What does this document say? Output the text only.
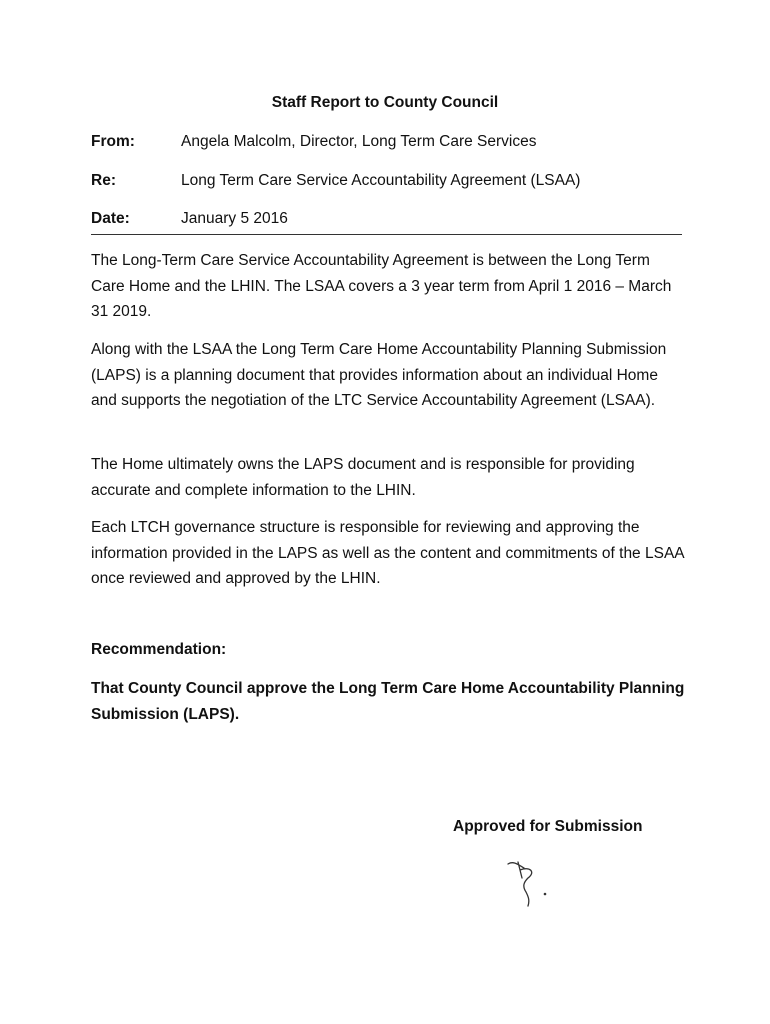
Staff Report to County Council
From:	Angela Malcolm, Director, Long Term Care Services
Re:	Long Term Care Service Accountability Agreement (LSAA)
Date:	January 5 2016

The Long-Term Care Service Accountability Agreement is between the Long Term Care Home and the LHIN. The LSAA covers a 3 year term from April 1 2016 – March 31 2019.

Along with the LSAA the Long Term Care Home Accountability Planning Submission (LAPS) is a planning document that provides information about an individual Home and supports the negotiation of the LTC Service Accountability Agreement (LSAA).

The Home ultimately owns the LAPS document and is responsible for providing accurate and complete information to the LHIN.

Each LTCH governance structure is responsible for reviewing and approving the information provided in the LAPS as well as the content and commitments of the LSAA once reviewed and approved by the LHIN.

Recommendation:

That County Council approve the Long Term Care Home Accountability Planning Submission (LAPS).

Approved for Submission
